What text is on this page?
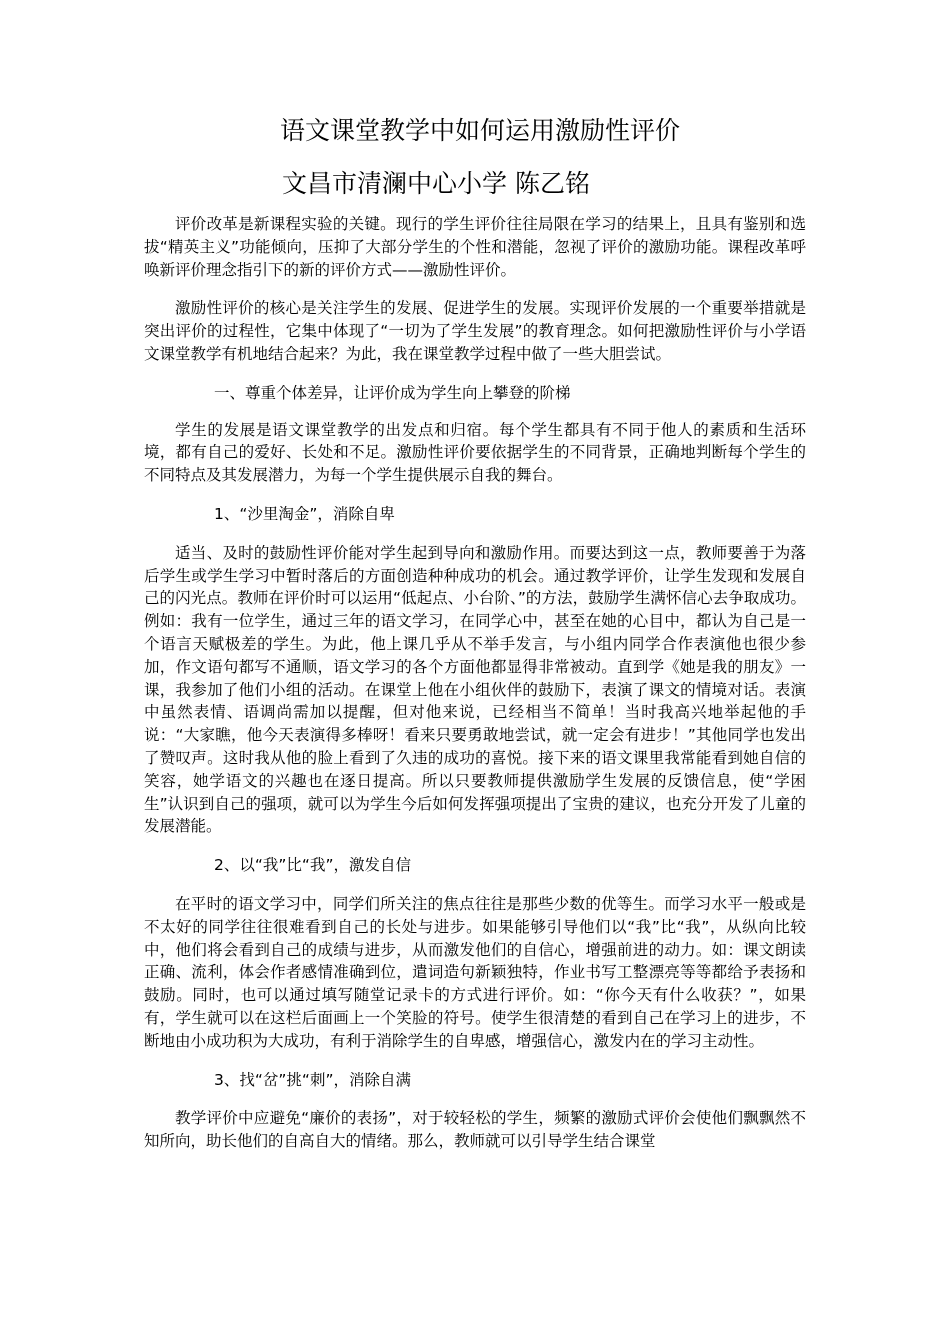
语文课堂教学中如何运用激励性评价
文昌市清澜中心小学 陈乙铭

评价改革是新课程实验的关键。现行的学生评价往往局限在学习的结果上，且具有鉴别和选拔“精英主义”功能倾向，压抑了大部分学生的个性和潜能，忽视了评价的激励功能。课程改革呼唤新评价理念指引下的新的评价方式——激励性评价。

激励性评价的核心是关注学生的发展、促进学生的发展。实现评价发展的一个重要举措就是突出评价的过程性，它集中体现了“一切为了学生发展”的教育理念。如何把激励性评价与小学语文课堂教学有机地结合起来？为此，我在课堂教学过程中做了一些大胆尝试。

一、尊重个体差异，让评价成为学生向上攀登的阶梯

学生的发展是语文课堂教学的出发点和归宿。每个学生都具有不同于他人的素质和生活环境，都有自己的爱好、长处和不足。激励性评价要依据学生的不同背景，正确地判断每个学生的不同特点及其发展潜力，为每一个学生提供展示自我的舞台。

1、“沙里淘金”，消除自卑

适当、及时的鼓励性评价能对学生起到导向和激励作用。而要达到这一点，教师要善于为落后学生或学生学习中暂时落后的方面创造种种成功的机会。通过教学评价，让学生发现和发展自己的闪光点。教师在评价时可以运用“低起点、小台阶、”的方法，鼓励学生满怀信心去争取成功。例如：我有一位学生，通过三年的语文学习，在同学心中，甚至在她的心目中，都认为自己是一个语言天赋极差的学生。为此，他上课几乎从不举手发言，与小组内同学合作表演他也很少参加，作文语句都写不通顺，语文学习的各个方面他都显得非常被动。直到学《她是我的朋友》一课，我参加了他们小组的活动。在课堂上他在小组伙伴的鼓励下，表演了课文的情境对话。表演中虽然表情、语调尚需加以提醒，但对他来说，已经相当不简单！当时我高兴地举起他的手说：“大家瞧，他今天表演得多棒呀！看来只要勇敢地尝试，就一定会有进步！”其他同学也发出了赞叹声。这时我从他的脸上看到了久违的成功的喜悦。接下来的语文课里我常能看到她自信的笑容，她学语文的兴趣也在逐日提高。所以只要教师提供激励学生发展的反馈信息，使“学困生”认识到自己的强项，就可以为学生今后如何发挥强项提出了宝贵的建议，也充分开发了儿童的发展潜能。

2、以“我”比“我”，激发自信

在平时的语文学习中，同学们所关注的焦点往往是那些少数的优等生。而学习水平一般或是不太好的同学往往很难看到自己的长处与进步。如果能够引导他们以“我”比“我”，从纵向比较中，他们将会看到自己的成绩与进步，从而激发他们的自信心，增强前进的动力。如：课文朗读正确、流利，体会作者感情准确到位，遣词造句新颖独特，作业书写工整漂亮等等都给予表扬和鼓励。同时，也可以通过填写随堂记录卡的方式进行评价。如：“你今天有什么收获？”，如果有，学生就可以在这栏后面画上一个笑脸的符号。使学生很清楚的看到自己在学习上的进步，不断地由小成功积为大成功，有利于消除学生的自卑感，增强信心，激发内在的学习主动性。

3、找“岔”挑“刺”，消除自满

教学评价中应避免“廉价的表扬”，对于较轻松的学生，频繁的激励式评价会使他们飘飘然不知所向，助长他们的自高自大的情绪。那么，教师就可以引导学生结合课堂
